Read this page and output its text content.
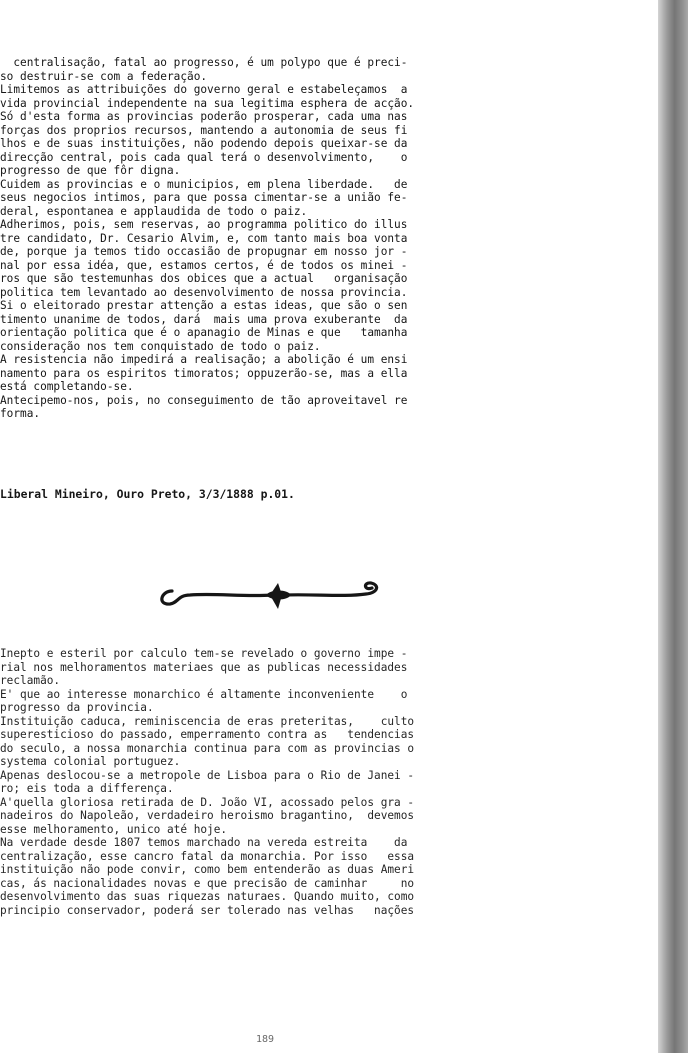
centralisação, fatal ao progresso, é um polypo que é preci-
so destruir-se com a federação.
Limitemos as attribuições do governo geral e estabeleçamos  a
vida provincial independente na sua legitima esphera de acção.
Só d'esta forma as provincias poderão prosperar, cada uma nas
forças dos proprios recursos, mantendo a autonomia de seus fi
lhos e de suas instituições, não podendo depois queixar-se da
direcção central, pois cada qual terá o desenvolvimento,    o
progresso de que fôr digna.
Cuidem as provincias e o municipios, em plena liberdade.   de
seus negocios intimos, para que possa cimentar-se a união fe-
deral, espontanea e applaudida de todo o paiz.
Adherimos, pois, sem reservas, ao programma politico do illus
tre candidato, Dr. Cesario Alvim, e, com tanto mais boa vonta
de, porque ja temos tido occasião de propugnar em nosso jor -
nal por essa idéa, que, estamos certos, é de todos os minei -
ros que são testemunhas dos obices que a actual   organisação
politica tem levantado ao desenvolvimento de nossa provincia.
Si o eleitorado prestar attenção a estas ideas, que são o sen
timento unanime de todos, dará  mais uma prova exuberante  da
orientação politica que é o apanagio de Minas e que   tamanha
consideração nos tem conquistado de todo o paiz.
A resistencia não impedirá a realisação; a abolição é um ensi
namento para os espiritos timoratos; oppuzerão-se, mas a ella
está completando-se.
Antecipemo-nos, pois, no conseguimento de tão aproveitavel re
forma.
Liberal Mineiro, Ouro Preto, 3/3/1888 p.01.
Inepto e esteril por calculo tem-se revelado o governo impe -
rial nos melhoramentos materiaes que as publicas necessidades
reclamão.
E' que ao interesse monarchico é altamente inconveniente    o
progresso da provincia.
Instituição caduca, reminiscencia de eras preteritas,    culto
superesticioso do passado, emperramento contra as   tendencias
do seculo, a nossa monarchia continua para com as provincias o
systema colonial portuguez.
Apenas deslocou-se a metropole de Lisboa para o Rio de Janei -
ro; eis toda a differença.
A'quella gloriosa retirada de D. João VI, acossado pelos gra -
nadeiros do Napoleão, verdadeiro heroismo bragantino,  devemos
esse melhoramento, unico até hoje.
Na verdade desde 1807 temos marchado na vereda estreita    da
centralização, esse cancro fatal da monarchia. Por isso   essa
instituição não pode convir, como bem entenderão as duas Ameri
cas, ás nacionalidades novas e que precisão de caminhar     no
desenvolvimento das suas riquezas naturaes. Quando muito, como
principio conservador, poderá ser tolerado nas velhas   nações
189
